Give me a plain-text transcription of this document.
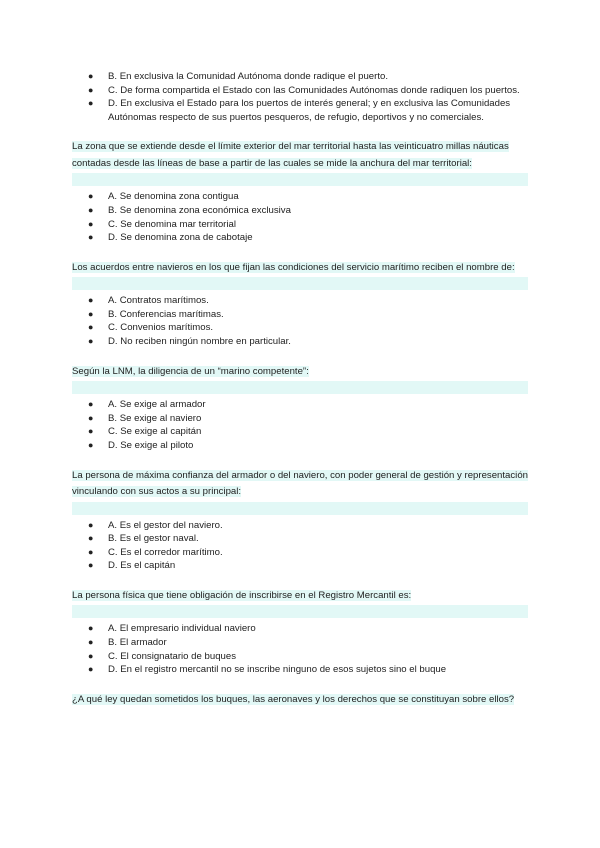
● B. En exclusiva la Comunidad Autónoma donde radique el puerto.
● C. De forma compartida el Estado con las Comunidades Autónomas donde radiquen los puertos.
● D. En exclusiva el Estado para los puertos de interés general; y en exclusiva las Comunidades Autónomas respecto de sus puertos pesqueros, de refugio, deportivos y no comerciales.
La zona que se extiende desde el límite exterior del mar territorial hasta las veinticuatro millas náuticas contadas desde las líneas de base a partir de las cuales se mide la anchura del mar territorial:
● A. Se denomina zona contigua
● B. Se denomina zona económica exclusiva
● C. Se denomina mar territorial
● D. Se denomina zona de cabotaje
Los acuerdos entre navieros en los que fijan las condiciones del servicio marítimo reciben el nombre de:
● A. Contratos marítimos.
● B. Conferencias marítimas.
● C. Convenios marítimos.
● D. No reciben ningún nombre en particular.
Según la LNM, la diligencia de un “marino competente”:
● A. Se exige al armador
● B. Se exige al naviero
● C. Se exige al capitán
● D. Se exige al piloto
La persona de máxima confianza del armador o del naviero, con poder general de gestión y representación vinculando con sus actos a su principal:
● A. Es el gestor del naviero.
● B. Es el gestor naval.
● C. Es el corredor marítimo.
● D. Es el capitán
La persona física que tiene obligación de inscribirse en el Registro Mercantil es:
● A. El empresario individual naviero
● B. El armador
● C. El consignatario de buques
● D. En el registro mercantil no se inscribe ninguno de esos sujetos sino el buque
¿A qué ley quedan sometidos los buques, las aeronaves y los derechos que se constituyan sobre ellos?
